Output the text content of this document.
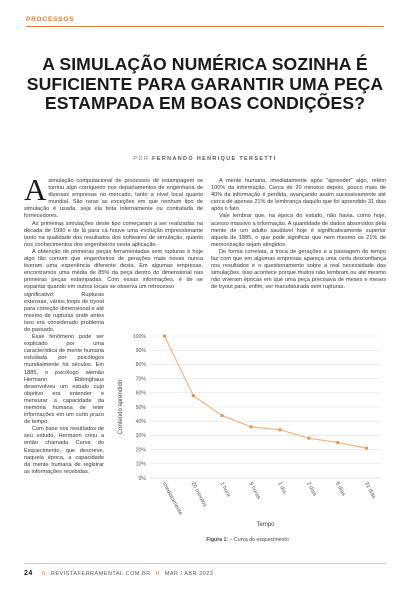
PROCESSOS
A SIMULAÇÃO NUMÉRICA SOZINHA É SUFICIENTE PARA GARANTIR UMA PEÇA ESTAMPADA EM BOAS CONDIÇÕES?
POR FERNANDO HENRIQUE TERSETTI

Asimulação computacional de processos de estampagem se tornou algo corriqueiro nos departamentos de engenharia de diversas empresas no mercado, tanto a nível local quanto mundial. São raras as exceções em que nenhum tipo de simulação é usada, seja ela feita internamente ou contratada de fornecedores.

As primeiras simulações deste tipo começaram a ser realizadas na década de 1990 e de lá para cá houve uma evolução impressionante tanto na qualidade dos resultados dos softwares de simulação, quanto nos conhecimentos dos engenheiros nesta aplicação.

A obtenção de primeiras peças ferramentadas sem rupturas é hoje algo tão comum que engenheiros de gerações mais novas nunca tiveram uma experiência diferente desta. Em algumas empresas, encontramos uma média de 85% da peça dentro do dimensional nas primeiras peças estampadas. Com essas informações, é de se espantar quando em outros locais se observa um retrocesso

significativo: Rupturas extensas, vários loops de tryout para correção dimensional e até mesmo de rupturas onde antes isso era considerado problema do passado.

Esse fenômeno pode ser explicado por uma característica de mente humana estudada por psicólogos mundialmente há séculos. Em 1885, o psicólogo alemão Hermann Ebbinghaus desenvolveu um estudo cujo objetivo era entender e mensurar a capacidade da memória humana de reter informações em um curto prazo de tempo.

Com base nos resultados de seu estudo, Hermann criou a então chamada Curva do Esquecimento, que descreve, naquela época, a capacidade da mente humana de registrar as informações recebidas.

A mente humana, imediatamente após "aprender" algo, retém 100% da informação. Cerca de 20 minutos depois, pouco mais de 40% da informação é perdida, avançando assim sucessivamente até cerca de apenas 21% de lembrança daquilo que foi aprendido 31 dias após o fato.

Vale lembrar que, na época do estudo, não havia, como hoje, acesso massivo a informação. A quantidade de dados absorvidos pela mente de um adulto saudável hoje é significativamente superior àquela de 1885, o que pode significar que nem mesmo os 21% de memorização sejam atingidos.

De forma correlata, a troca de gerações e a passagem do tempo faz com que em algumas empresas apareça uma certa desconfiança nos resultados e o questionamento sobre a real necessidade das simulações. Isso acontece porque muitos não lembram ou até mesmo não viveram épocas em que uma peça precisava de meses e meses de tryout para, enfim, ser manufaturada sem rupturas.

0%
10%
20%
30%
40%
50%
60%
70%
80%
90%
100%
imediatamente 20 minutos 1 hora	9 horas	1 dia	2 dias	6 dias	31 dias
Tempo
Conteúdo aprendido
Figura 1: – Curva do esquecimento
24 // REVISTAFERRAMENTAL.COM.BR // MAR / ABR 2023
